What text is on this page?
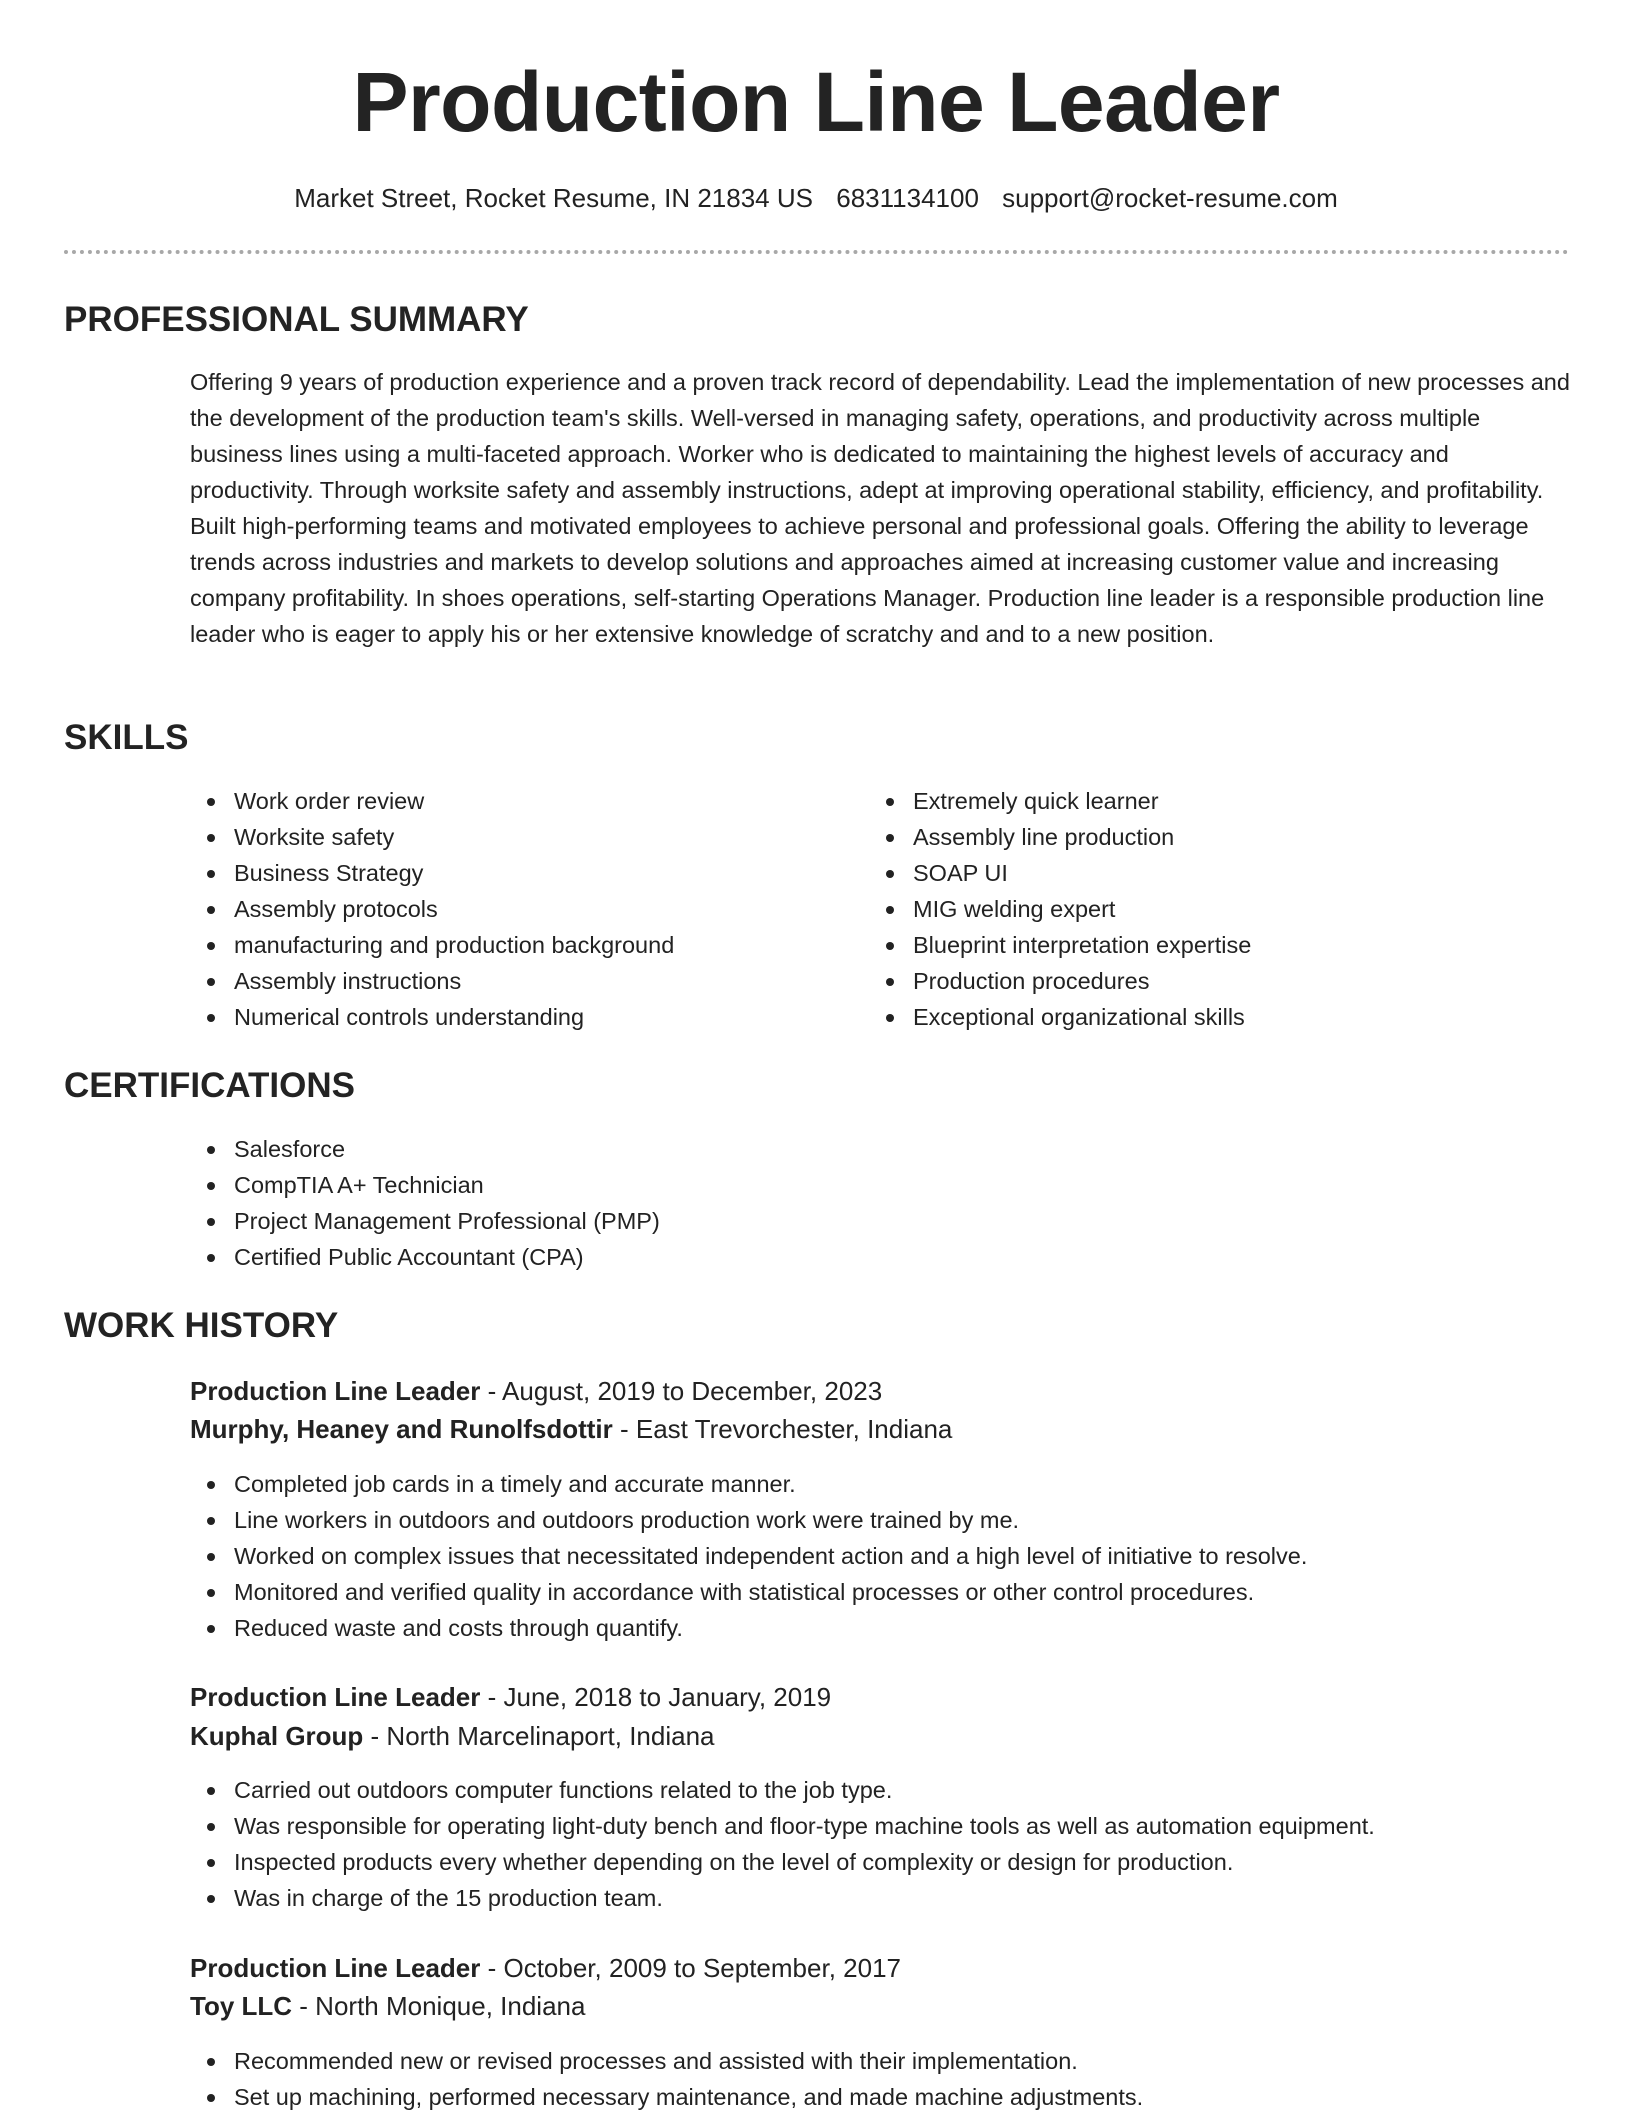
Production Line Leader
Market Street, Rocket Resume, IN 21834 US 6831134100 support@rocket-resume.com
PROFESSIONAL SUMMARY

Offering 9 years of production experience and a proven track record of dependability. Lead the implementation of new processes and the development of the production team's skills. Well-versed in managing safety, operations, and productivity across multiple business lines using a multi-faceted approach. Worker who is dedicated to maintaining the highest levels of accuracy and productivity. Through worksite safety and assembly instructions, adept at improving operational stability, efficiency, and profitability. Built high-performing teams and motivated employees to achieve personal and professional goals. Offering the ability to leverage trends across industries and markets to develop solutions and approaches aimed at increasing customer value and increasing company profitability. In shoes operations, self-starting Operations Manager. Production line leader is a responsible production line leader who is eager to apply his or her extensive knowledge of scratchy and and to a new position.

SKILLS
Work order review
Worksite safety
Business Strategy
Assembly protocols
manufacturing and production background
Assembly instructions
Numerical controls understanding
Extremely quick learner
Assembly line production
SOAP UI
MIG welding expert
Blueprint interpretation expertise
Production procedures
Exceptional organizational skills
CERTIFICATIONS
Salesforce
CompTIA A+ Technician
Project Management Professional (PMP)
Certified Public Accountant (CPA)
WORK HISTORY
Production Line Leader - August, 2019 to December, 2023
Murphy, Heaney and Runolfsdottir - East Trevorchester, Indiana
Completed job cards in a timely and accurate manner.
Line workers in outdoors and outdoors production work were trained by me.
Worked on complex issues that necessitated independent action and a high level of initiative to resolve.
Monitored and verified quality in accordance with statistical processes or other control procedures.
Reduced waste and costs through quantify.
Production Line Leader - June, 2018 to January, 2019
Kuphal Group - North Marcelinaport, Indiana
Carried out outdoors computer functions related to the job type.
Was responsible for operating light-duty bench and floor-type machine tools as well as automation equipment.
Inspected products every whether depending on the level of complexity or design for production.
Was in charge of the 15 production team.
Production Line Leader - October, 2009 to September, 2017
Toy LLC - North Monique, Indiana
Recommended new or revised processes and assisted with their implementation.
Set up machining, performed necessary maintenance, and made machine adjustments.
